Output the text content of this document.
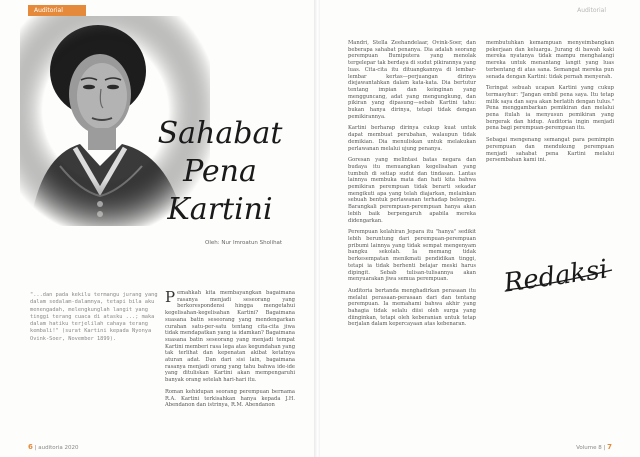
Auditorial
Sahabat
Pena
Kartini
Oleh: Nur Imroatun Sholihat
"...dan pada kekilu termangu jurang yang dalam sedalam-dalamnya, tetapi bila aku menengadah, melengkunglah langit yang tinggi terang cuaca di atasku ...; maka dalam hatiku terjelilah cahaya terang kembali!" (surat Kartini kepada Nyonya Ovink-Soer, November 1899).

Pemahkah kita membayangkan bagaimana rasanya menjadi seseorang yang berkorespondensi hingga mengetahui kegelisahan-kegelisahan Kartini? Bagaimana suasana batin seseorang yang mendengarkan curahan satu-per-satu tentang cita-cita jiwa tidak mendapatkan yang ia idamkan? Bagaimana suasana batin seseorang yang menjadi tempat Kartini memberi rasa lega atas kegundahan yang tak terlihat dan kepenatan akibat ketatnya aturan adat. Dan dari sisi lain, bagaimana rasanya menjadi orang yang tahu bahwa ide-ide yang dituliskan Kartini akan mempengaruhi banyak orang setelah hari-hari itu.

Roman kehidupan seorang perempuan bernama R.A. Kartini terkisahkan hanya kepada J.H. Abendanon dan istrinya, R.M. Abendanon

6 | auditoria 2020
Auditorial

Mandri, Stella Zeehandelaar, Ovink-Soer, dan beberapa sahabat penanya. Dia adalah seorang perempuan Bumiputera yang menolak tergelepar tak berdaya di sudut pikirannya yang luas. Cita-cita itu dituangkannya di lembar-lembar kertas—perjuangan dirinya diejawantahkan dalam kata-kata. Dia bertutur tentang impian dan keinginan yang mengguncang, adat yang mengungkung, dan pikiran yang dipasung—sebab Kartini tahu: bukan hanya dirinya, tetapi tidak dengan pemikirannya.

Kartini berharap dirinya cukup kuat untuk dapat membuat perubahan, walaupun tidak demikian. Dia menuliskan untuk melakukan perlawanan melalui ujung penanya.

Goresan yang melintasi batas negara dan budaya itu menuangkan kegelisahan yang tumbuh di setiap sudut dan tindasan. Lantas lainnya membuka mata dan hati kita bahwa pemikiran perempuan tidak berarti sekadar mengikuti apa yang telah diajarkan, melainkan sebuah bentuk perlawanan terhadap belenggu. Barangkali perempuan-perempuan hanya akan lebih baik berpengaruh apabila mereka didengarkan.

Perempuan kelahiran Jepara itu "hanya" sedikit lebih beruntung dari perempuan-perempuan pribumi lainnya yang tidak sempat mengenyam bangku sekolah. Ia memang tidak berkesempatan menikmati pendidikan tinggi, tetapi ia tidak berhenti belajar meski harus dipingit. Sebab tulisan-tulisannya akan menyuarakan jiwa semua perempuan.

Auditoria bertanda menghadirkan perasaan itu melalui perasaan-perasaan dari dan tentang perempuan. Ia memahami bahwa akhir yang bahagia tidak selalu diisi oleh surga yang diinginkan, tetapi oleh keberanian untuk tetap berjalan dalam kepercayaan atas kebenaran.

membutuhkan kemampuan menyeimbangkan pekerjaan dan keluarga. Jurang di bawah kaki mereka nyatanya tidak mampu menghalangi mereka untuk menantang langit yang luas terbentang di atas sana. Semangat mereka pun senada dengan Kartini: tidak pernah menyerah.

Teringat sebuah ucapan Kartini yang cukup termasyhur: "Jangan embil pena saya. Itu tetap milik saya dan saya akan berlatih dengan tulus." Pena menggambarkan pemikiran dan melalui pena itulah ia menyusun pemikiran yang bergerak dan hidup. Auditoria ingin menjadi pena bagi perempuan-perempuan itu.

Sebagai mengenang semangat para pemimpin perempuan dan mendukung perempuan menjadi sahabat pena Kartini melalui persembahan kami ini.

Redaksi
Volume 8 | 7
